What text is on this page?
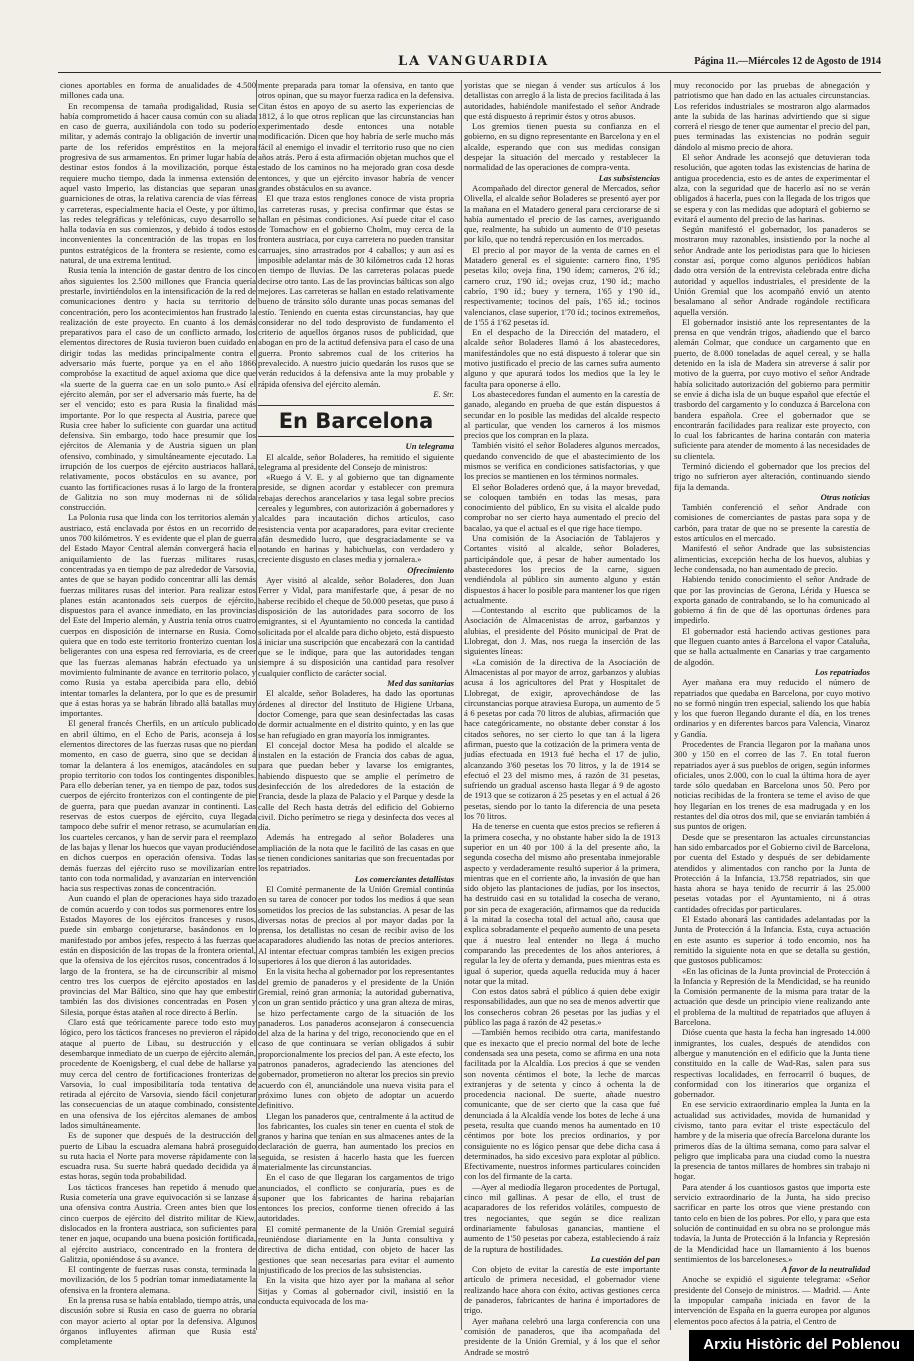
LA VANGUARDIA	Página 11.—Miércoles 12 de Agosto de 1914

ciones aportables en forma de anualidades de 4.500 millones cada una.

En recompensa de tamaña prodigalidad, Rusia se había comprometido á hacer causa común con su aliada en caso de guerra, auxiliándola con todo su poderío militar, y además contrajo la obligación de invertir una parte de los referidos empréstitos en la mejora progresiva de sus armamentos. En primer lugar había de destinar estos fondos á la movilización, porque ésta requiere mucho tiempo, dada la inmensa extensión de aquel vasto Imperio, las distancias que separan unas guarniciones de otras, la relativa carencia de vías férreas y carreteras, especialmente hacia el Oeste, y por último, las redes telegráficas y telefónicas, cuyo desarrollo se halla todavía en sus comienzos, y debido á todos estos inconvenientes la concentración de las tropas en los puntos estratégicos de la frontera se resiente, como es natural, de una extrema lentitud.

Rusia tenía la intención de gastar dentro de los cinco años siguientes los 2.500 millones que Francia quería prestarle, invirtiéndolos en la intensificación de la red de comunicaciones dentro y hacia su territorio de concentración, pero los acontecimientos han frustrado la realización de este proyecto. En cuanto á los demás preparativos para el caso de un conflicto armado, los elementos directores de Rusia tuvieron buen cuidado en dirigir todas las medidas principalmente contra el adversario más fuerte, porque ya en el año 1866 comprobóse la exactitud de aquel axioma que dice que «la suerte de la guerra cae en un solo punto.» Así el ejército alemán, por ser el adversario más fuerte, ha de ser el vencido; esto es para Rusia la finalidad más importante. Por lo que respecta al Austria, parece que Rusia cree haber lo suficiente con guardar una actitud defensiva. Sin embargo, todo hace presumir que los ejércitos de Alemania y de Austria siguen un plan ofensivo, combinado, y simultáneamente ejecutado. La irrupción de los cuerpos de ejército austriacos hallará, relativamente, pocos obstáculos en su avance, por cuanto las fortificaciones rusas á lo largo de la frontera de Galitzia no son muy modernas ni de sólida construcción.

La Polonia rusa que linda con los territorios alemán y austriaco, está enclavada por éstos en un recorrido de unos 700 kilómetros. Y es evidente que el plan de guerra del Estado Mayor Central alemán convergerá hacia el aniquilamiento de las fuerzas militares rusas, concentradas ya en tiempo de paz alrededor de Varsovia, antes de que se hayan podido concentrar allí las demás fuerzas militares rusas del interior. Para realizar estos planes están acantonados seis cuerpos de ejército, dispuestos para el avance inmediato, en las provincias del Este del Imperio alemán, y Austria tenía otros cuatro cuerpos en disposición de internarse en Rusia. Como quiera que en todo este territorio fronterizo cuentan los beligerantes con una espesa red ferroviaria, es de creer que las fuerzas alemanas habrán efectuado ya un movimiento fulminante de avance en territorio polaco, y como Rusia ya estaba apercibida para ello, debió intentar tomarles la delantera, por lo que es de presumir que á estas horas ya se habrán librado allá batallas muy importantes.

El general francés Cherfils, en un artículo publicado en abril último, en el Echo de Paris, aconseja á los elementos directores de las fuerzas rusas que no pierdan momento, en caso de guerra, sino que se decidan á tomar la delantera á los enemigos, atacándoles en su propio territorio con todos los contingentes disponibles. Para ello deberían tener, ya en tiempo de paz, todos sus cuerpos de ejército fronterizos con el contingente de pie de guerra, para que puedan avanzar in continenti. Las reservas de estos cuerpos de ejército, cuya llegada tampoco debe sufrir el menor retraso, se acumularían en los cuarteles cercanos, y han de servir para el reemplazo de las bajas y llenar los huecos que vayan produciéndose en dichos cuerpos en operación ofensiva. Todas las demás fuerzas del ejército ruso se movilizarían entre tanto con toda normalidad, y avanzarían en intervención hacia sus respectivas zonas de concentración.

Aun cuando el plan de operaciones haya sido trazado de común acuerdo y con todos sus pormenores entre los Estados Mayores de los ejércitos franceses y rusos, puede sin embargo conjeturarse, basándonos en lo manifestado por ambos jefes, respecto á las fuerzas que están en disposición de las tropas de la frontera oriental, que la ofensiva de los ejércitos rusos, concentrados á lo largo de la frontera, se ha de circunscribir al mismo centro tres los cuerpos de ejército apostados en las provincias del Mar Báltico, sino que hay que embestir también las dos divisiones concentradas en Posen y Silesia, porque éstas atañen al roce directo á Berlín.

Claro está que teóricamente parece todo esto muy lógico, pero los tácticos franceses no previeron el rápido ataque al puerto de Libau, su destrucción y el desembarque inmediato de un cuerpo de ejército alemán, procedente de Koenigsberg, el cual debe de hallarse ya muy cerca del centro de fortificaciones fronterizas de Varsovia, lo cual imposibilitaría toda tentativa de retirada al ejército de Varsovia, siendo fácil conjeturar las consecuencias de un ataque combinado, consistente en una ofensiva de los ejércitos alemanes de ambos lados simultáneamente.

Es de suponer que después de la destrucción del puerto de Libau la escuadra alemana habrá proseguido su ruta hacia el Norte para moverse rápidamente con la escuadra rusa. Su suerte habrá quedado decidida ya á estas horas, según toda probabilidad.

Los tácticos franceses han repetido á menudo que Rusia cometería una grave equivocación si se lanzase á una ofensiva contra Austria. Creen antes bien que los cinco cuerpos de ejército del distrito militar de Kiew, dislocados en la frontera austriaca, son suficientes para tener en jaque, ocupando una buena posición fortificada, al ejército austriaco, concentrado en la frontera de Galitzia, oponiéndose á su avance.

El contingente de fuerzas rusas consta, terminada la movilización, de los 5 podrían tomar inmediatamente la ofensiva en la frontera alemana.

En la prensa rusa se había entablado, tiempo atrás, una discusión sobre si Rusia en caso de guerra no obraría con mayor acierto al optar por la defensiva. Algunos órganos influyentes afirman que Rusia está completamente

mente preparada para tomar la ofensiva, en tanto que otros opinan, que su mayor fuerza radica en la defensiva. Citan éstos en apoyo de su aserto las experiencias de 1812, á lo que otros replican que las circunstancias han experimentado desde entonces una notable modificación. Dicen que hoy habría de serle mucho más fácil al enemigo el invadir el territorio ruso que no cien años atrás. Pero á esta afirmación objetan muchos que el estado de los caminos no ha mejorado gran cosa desde entonces, y que un ejército invasor habría de vencer grandes obstáculos en su avance.

El que traza estos renglones conoce de vista propria las carreteras rusas, y precisa confirmar que éstas se hallan en pésimas condiciones. Así puede citar el caso de Tomachow en el gobierno Cholm, muy cerca de la frontera austriaca, por cuya carretera no pueden transitar carruajes, sino arrastrados por 4 caballos; y aun así es imposible adelantar más de 30 kilómetros cada 12 horas en tiempo de lluvias. De las carreteras polacas puede decirse otro tanto. Las de las provincias bálticas son algo mejores. Las carreteras se hallan en estado relativamente bueno de tránsito sólo durante unas pocas semanas del estío. Teniendo en cuenta estas circunstancias, hay que considerar no del todo desprovisto de fundamento el criterio de aquellos órganos rusos de publicidad, que abogan en pro de la actitud defensiva para el caso de una guerra. Pronto sabremos cual de los criterios ha prevalecido. A nuestro juicio quedarán los rusos que se verán reducidos á la defensiva ante la muy probable y rápida ofensiva del ejército alemán.

E. Str.

En Barcelona

Un telegrama

El alcalde, señor Boladeres, ha remitido el siguiente telegrama al presidente del Consejo de ministros:

«Ruego á V. E. y al gobierno que tan dignamente preside, se dignen acordar y establecer con premura rebajas derechos arancelarios y tasa legal sobre precios cereales y legumbres, con autorización á gobernadores y alcaldes para incautación dichos artículos, caso resistencia venta por acaparadores, para evitar creciente afán desmedido lucro, que desgraciadamente se va notando en harinas y habichuelas, con verdadero y creciente disgusto en clases media y jornalera.»

Ofrecimiento

Ayer visitó al alcalde, señor Boladeres, don Juan Ferrer y Vidal, para manifestarle que, á pesar de no haberse recibido el cheque de 50.000 pesetas, que puso á disposición de las autoridades para socorro de los emigrantes, si el Ayuntamiento no conceda la cantidad solicitada por el alcalde para dicho objeto, está dispuesto á iniciar una suscripción que encabezará con la cantidad que se le indique, para que las autoridades tengan siempre á su disposición una cantidad para resolver cualquier conflicto de carácter social.

Med das sanitarias

El alcalde, señor Boladeres, ha dado las oportunas órdenes al director del Instituto de Higiene Urbana, doctor Comenge, para que sean desinfectadas las casas de dormir actualmente en el distrito quinto, y en las que se han refugiado en gran mayoría los inmigrantes.

El concejal doctor Mesa ha podido el alcalde se instalen en la estación de Francia dos cabas de agua, para que puedan beber y lavarse los emigrantes, habiendo dispuesto que se amplie el perímetro de desinfección de los alrededores de la estación de Francia, desde la plaza de Palacio y el Parque y desde la calle del Rech hasta detrás del edificio del Gobierno civil. Dicho perímetro se riega y desinfecta dos veces al día.

Además ha entregado al señor Boladeres una ampliación de la nota que le facilitó de las casas en que se tienen condiciones sanitarias que son frecuentadas por los repatriados.

Los comerciantes detallistas

El Comité permanente de la Unión Gremial continúa en su tarea de conocer por todos los medios á que sean sometidos los precios de las substancias. A pesar de las diversas notas de precios al por mayor dadas por la prensa, los detallistas no cesan de recibir aviso de los acaparadores aludiendo las notas de precios anteriores. Al intentar efectuar compras también les exigen precios superiores á los que dieron á las autoridades.

En la visita hecha al gobernador por los representantes del gremio de panaderos y el presidente de la Unión Gremial, reinó gran armonía; la autoridad gubernativa, con un gran sentido práctico y una gran alteza de miras, se hizo perfectamente cargo de la situación de los panaderos. Los panaderos aconsejaron á consecuencia del alza de la harina y del trigo, reconociendo que en el caso de que continuara se verían obligados á subir proporcionalmente los precios del pan. A este efecto, los patronos panaderos, agradeciendo las atenciones del gobernador, prometieron no alterar los precios sin previo acuerdo con él, anunciándole una nueva visita para el próximo lunes con objeto de adoptar un acuerdo definitivo.

Llegan los panaderos que, centralmente á la actitud de los fabricantes, los cuales sin tener en cuenta el stok de granos y harina que tenían en sus almacenes antes de la declaración de guerra, han aumentado los precios en seguida, se resisten á hacerlo hasta que les fuercen materialmente las circunstancias.

En el caso de que llegaran los cargamentos de trigo anunciados, el conflicto se conjuraría, pues es de suponer que los fabricantes de harina rebajarían entonces los precios, conforme tienen ofrecido á las autoridades.

El comité permanente de la Unión Gremial seguirá reuniéndose diariamente en la Junta consultiva y directiva de dicha entidad, con objeto de hacer las gestiones que sean necesarias para evitar el aumento injustificado de los precios de las subsistencias.

En la visita que hizo ayer por la mañana al señor Sitjas y Comas al gobernador civil, insistió en la conducta equivocada de los ma-

yoristas que se niegan á vender sus artículos á los detallistas con arreglo á la lista de precios facilitada á las autoridades, habiéndole manifestado el señor Andrade que está dispuesto á reprimir éstos y otros abusos.

Los gremios tienen puesta su confianza en el gobierno, en su digno representante en Barcelona y en el alcalde, esperando que con sus medidas consigan despejar la situación del mercado y restablecer la normalidad de las operaciones de compra-venta.

Las subsistencias

Acompañado del director general de Mercados, señor Olivella, el alcalde señor Boladeres se presentó ayer por la mañana en el Matadero general para cerciorarse de si había aumentado el precio de las carnes, averiguando que, realmente, ha subido un aumento de 0'10 pesetas por kilo, que no tendrá repercusión en los mercados.

El precio al por mayor de la venta de carnes en el Matadero general es el siguiente: carnero fino, 1'95 pesetas kilo; oveja fina, 1'90 ídem; carneros, 2'6 íd.; carnero cruz, 1'90 íd.; ovejas cruz, 1'90 íd.; macho cabrío, 1'90 íd.; buey y ternera, 1'65 y 1'90 íd., respectivamente; tocinos del país, 1'65 íd.; tocinos valencianos, clase superior, 1'70 íd.; tocinos extremeños, de 1'55 á 1'62 pesetas íd.

En el despacho de la Dirección del matadero, el alcalde señor Boladeres llamó á los abastecedores, manifestándoles que no está dispuesto á tolerar que sin motivo justificado el precio de las carnes sufra aumento alguno y que apurará todos los medios que la ley le faculta para oponerse á ello.

Los abastecedores fundan el aumento en la carestía de ganado, alegando en prueba de que están dispuestos á secundar en lo posible las medidas del alcalde respecto al particular, que venden los carneros á los mismos precios que los compran en la plaza.

También visitó el señor Boladeres algunos mercados, quedando convencido de que el abastecimiento de los mismos se verifica en condiciones satisfactorias, y que los precios se mantienen en los términos normales.

El señor Boladeres ordenó que, á la mayor brevedad, se coloquen también en todas las mesas, para conocimiento del público, En su visita el alcalde pudo comprobar no ser cierto haya aumentado el precio del bacalao, ya que el actual es el que rige hace tiempo.

Una comisión de la Asociación de Tablajeros y Cortantes visitó al alcalde, señor Boladeres, participándole que, á pesar de haber aumentado los abastecedores los precios de la carne, siguen vendiéndola al público sin aumento alguno y están dispuestos á hacer lo posible para mantener los que rigen actualmente.

—Contestando al escrito que publicamos de la Asociación de Almacenistas de arroz, garbanzos y alubias, el presidente del Pósito municipal de Prat de Llobregat, don J. Mas, nos ruega la inserción de las siguientes líneas:

«La comisión de la directiva de la Asociación de Almacenistas al por mayor de arroz, garbanzos y alubias acusa á los agricultores del Prat y Hospitalet de Llobregat, de exigir, aprovechándose de las circunstancias porque atraviesa Europa, un aumento de 5 á 6 pesetas por cada 70 litros de alubias, afirmación que hace categóricamente, no obstante deber constar á los citados señores, no ser cierto lo que tan á la ligera afirman, puesto que la cotización de la primera venta de judías efectuada en 1913 fué hecha el 17 de julio, alcanzando 3'60 pesetas los 70 litros, y la de 1914 se efectuó el 23 del mismo mes, á razón de 31 pesetas, sufriendo un gradual ascenso hasta llegar á 9 de agosto de 1913 que se cotizaron á 25 pesetas y en el actual á 26 pesetas, siendo por lo tanto la diferencia de una peseta los 70 litros.

Ha de tenerse en cuenta que estos precios se refieren á la primera cosecha, y no obstante haber sido la de 1913 superior en un 40 por 100 á la del presente año, la segunda cosecha del mismo año presentaba inmejorable aspecto y verdaderamente resultó superior á la primera, mientras que en el corriente año, la invasión de que han sido objeto las plantaciones de judías, por los insectos, ha destruido casi en su totalidad la cosecha de verano, por sin peca de exageración, afirmamos que da reducida á la mitad la cosecha total del actual año, causa que explica sobradamente el pequeño aumento de una peseta que á nuestro leal entender no llega á mucho comparando las precedentes de los años anteriores, á regular la ley de oferta y demanda, pues mientras esta es igual ó superior, queda aquella reducida muy á hacer notar que la mitad.

Con estos datos sabrá el público á quien debe exigir responsabilidades, aun que no sea de menos advertir que los consecheros cobran 26 pesetas por las judías y el público las paga á razón de 42 pesetas.»

—También hemos recibido otra carta, manifestando que es inexacto que el precio normal del bote de leche condensada sea una peseta, como se afirma en una nota facilitada por la Alcaldía. Los precios á que se venden son noventa céntimos el bote, la leche de marcas extranjeras y de setenta y cinco á ochenta la de procedencia nacional. De suerte, añade nuestro comunicante, que de ser cierto que la casa que fué denunciada á la Alcaldía vende los botes de leche á una peseta, resulta que cuando menos ha aumentado en 10 céntimos por bote los precios ordinarios, y por consiguiente no es lógico pensar que debe dicha casa á determinados, ha sido excesivo para explotar al público. Efectivamente, nuestros informes particulares coinciden con los del firmante de la carta.

—Ayer al mediodía llegaron procedentes de Portugal, cinco mil gallinas. A pesar de ello, el trust de acaparadores de los referidos volátiles, compuesto de tres negociantes, que según se dice realizan ordinariamente fabulosas ganancias, mantiene el aumento de 1'50 pesetas por cabeza, estableciendo á raíz de la ruptura de hostilidades.

La cuestión del pan

Con objeto de evitar la carestía de este importante artículo de primera necesidad, el gobernador viene realizando hace ahora con éxito, activas gestiones cerca de panaderos, fabricantes de harina é importadores de trigo.

Ayer mañana celebró una larga conferencia con una comisión de panaderos, que iba acompañada del presidente de la Unión Gremial, y á los que el señor Andrade se mostró

muy reconocido por las pruebas de abnegación y patriotismo que han dado en las actuales circunstancias. Los referidos industriales se mostraron algo alarmados ante la subida de las harinas advirtiendo que si sigue correrá el riesgo de tener que aumentar el precio del pan, pues terminadas las existencias no podrán seguir dándolo al mismo precio de ahora.

El señor Andrade les aconsejó que detuvieran toda resolución, que agoten todas las existencias de harina de antigua procedencia, esto es de antes de experimentar el alza, con la seguridad que de hacerlo así no se verán obligados á hacerla, pues con la llegada de los trigos que se espera y con las medidas que adoptará el gobierno se evitará el aumento del precio de las harinas.

Según manifestó el gobernador, los panaderos se mostraron muy razonables, insistiendo por la noche al señor Andrade ante los periodistas para que lo hiciesen constar así, porque como algunos periódicos habían dado otra versión de la entrevista celebrada entre dicha autoridad y aquellos industriales, el presidente de la Unión Gremial que los acompañó envió un atento besalamano al señor Andrade rogándole rectificara aquella versión.

El gobernador insistió ante los representantes de la prensa en que vendrán trigos, añadiendo que el barco alemán Colmar, que conduce un cargamento que en puerto, de 8.000 toneladas de aquel cereal, y se halla detenido en la isla de Madera sin atreverse á salir por motivo de la guerra, por cuyo motivo el señor Andrade había solicitado autorización del gobierno para permitir se envíe á dicha isla de un buque español que efectúe el trasbordo del cargamento y lo conduzca á Barcelona con bandera española. Cree el gobernador que se encontrarán facilidades para realizar este proyecto, con lo cual los fabricantes de harina contarán con materia suficiente para atender de momento á las necesidades de su clientela.

Terminó diciendo el gobernador que los precios del trigo no sufrieron ayer alteración, continuando siendo fija la demanda.

Otras noticias

También conferenció el señor Andrade con comisiones de comerciantes de pastas para sopa y de carbón, para tratar de que no se presente la carestía de estos artículos en el mercado.

Manifestó el señor Andrade que las subsistencias alimenticias, excepción hecha de los huevos, alubias y leche condensada, no han aumentado de precio.

Habiendo tenido conocimiento el señor Andrade de que por las provincias de Gerona, Lérida y Huesca se exporta ganado de contrabando, se lo ha comunicado al gobierno á fin de que dé las oportunas órdenes para impedirlo.

El gobernador está haciendo activas gestiones para que lleguen cuanto antes á Barcelona el vapor Cataluña, que se halla actualmente en Canarias y trae cargamento de algodón.

Los repatriados

Ayer mañana era muy reducido el número de repatriados que quedaba en Barcelona, por cuyo motivo no se formó ningún tren especial, saliendo los que había y los que fueron llegando durante el día, en los trenes ordinarios y en diferentes barcos para Valencia, Vinaroz y Gandía.

Procedentes de Francia llegaron por la mañana unos 300 y 150 en el correo de las 7. En total fueron repatriados ayer á sus pueblos de origen, según informes oficiales, unos 2.000, con lo cual la última hora de ayer tarde sólo quedaban en Barcelona unos 50. Pero por noticias recibidas de la frontera se teme el aviso de que hoy llegarían en los trenes de esa madrugada y en los restantes del día otros dos mil, que se enviarán también á sus puntos de origen.

Desde que se presentaron las actuales circunstancias han sido embarcados por el Gobierno civil de Barcelona, por cuenta del Estado y después de ser debidamente atendidos y alimentados con rancho por la Junta de Protección á la Infancia, 13.758 repatriados, sin que hasta ahora se haya tenido de recurrir á las 25.000 pesetas votadas por el Ayuntamiento, ni á otras cantidades ofrecidas por particulares.

El Estado abonará las cantidades adelantadas por la Junta de Protección á la Infancia. Esta, cuya actuación en este asunto es superior á todo encomio, nos ha remitido la siguiente nota en que se detalla su gestión, que gustosos publicamos:

«En las oficinas de la Junta provincial de Protección á la Infancia y Represión de la Mendicidad, se ha reunido la Comisión permanente de la misma para tratar de la actuación que desde un principio viene realizando ante el problema de la multitud de repatriados que afluyen á Barcelona.

Dióse cuenta que hasta la fecha han ingresado 14.000 inmigrantes, los cuales, después de atendidos con albergue y manutención en el edificio que la Junta tiene constituido en la calle de Wad-Ras, salen para sus respectivas localidades, en ferrocarril ó buques, de conformidad con los itinerarios que organiza el gobernador.

En ese servicio extraordinario emplea la Junta en la actualidad sus actividades, movida de humanidad y civismo, tanto para evitar el triste espectáculo del hambre y de la miseria que ofrecía Barcelona durante los primeros días de la última semana, como para salvar el peligro que implicaba para una ciudad como la nuestra la presencia de tantos millares de hombres sin trabajo ni hogar.

Para atender á los cuantiosos gastos que importa este servicio extraordinario de la Junta, ha sido preciso sacrificar en parte los otros que viene prestando con tanto celo en bien de los pobres. Por ello, y para que esta solución de continuidad en su obra no se prolongue más todavía, la Junta de Protección á la Infancia y Represión de la Mendicidad hace un llamamiento á los buenos sentimientos de los barceloneses.»

A favor de la neutralidad

Anoche se expidió el siguiente telegrama: «Señor presidente del Consejo de ministros. — Madrid. — Ante la impopular campaña iniciada en favor de la intervención de España en la guerra europea por algunos elementos poco afectos á la patria, el Centro de

Arxiu Històric del Poblenou
